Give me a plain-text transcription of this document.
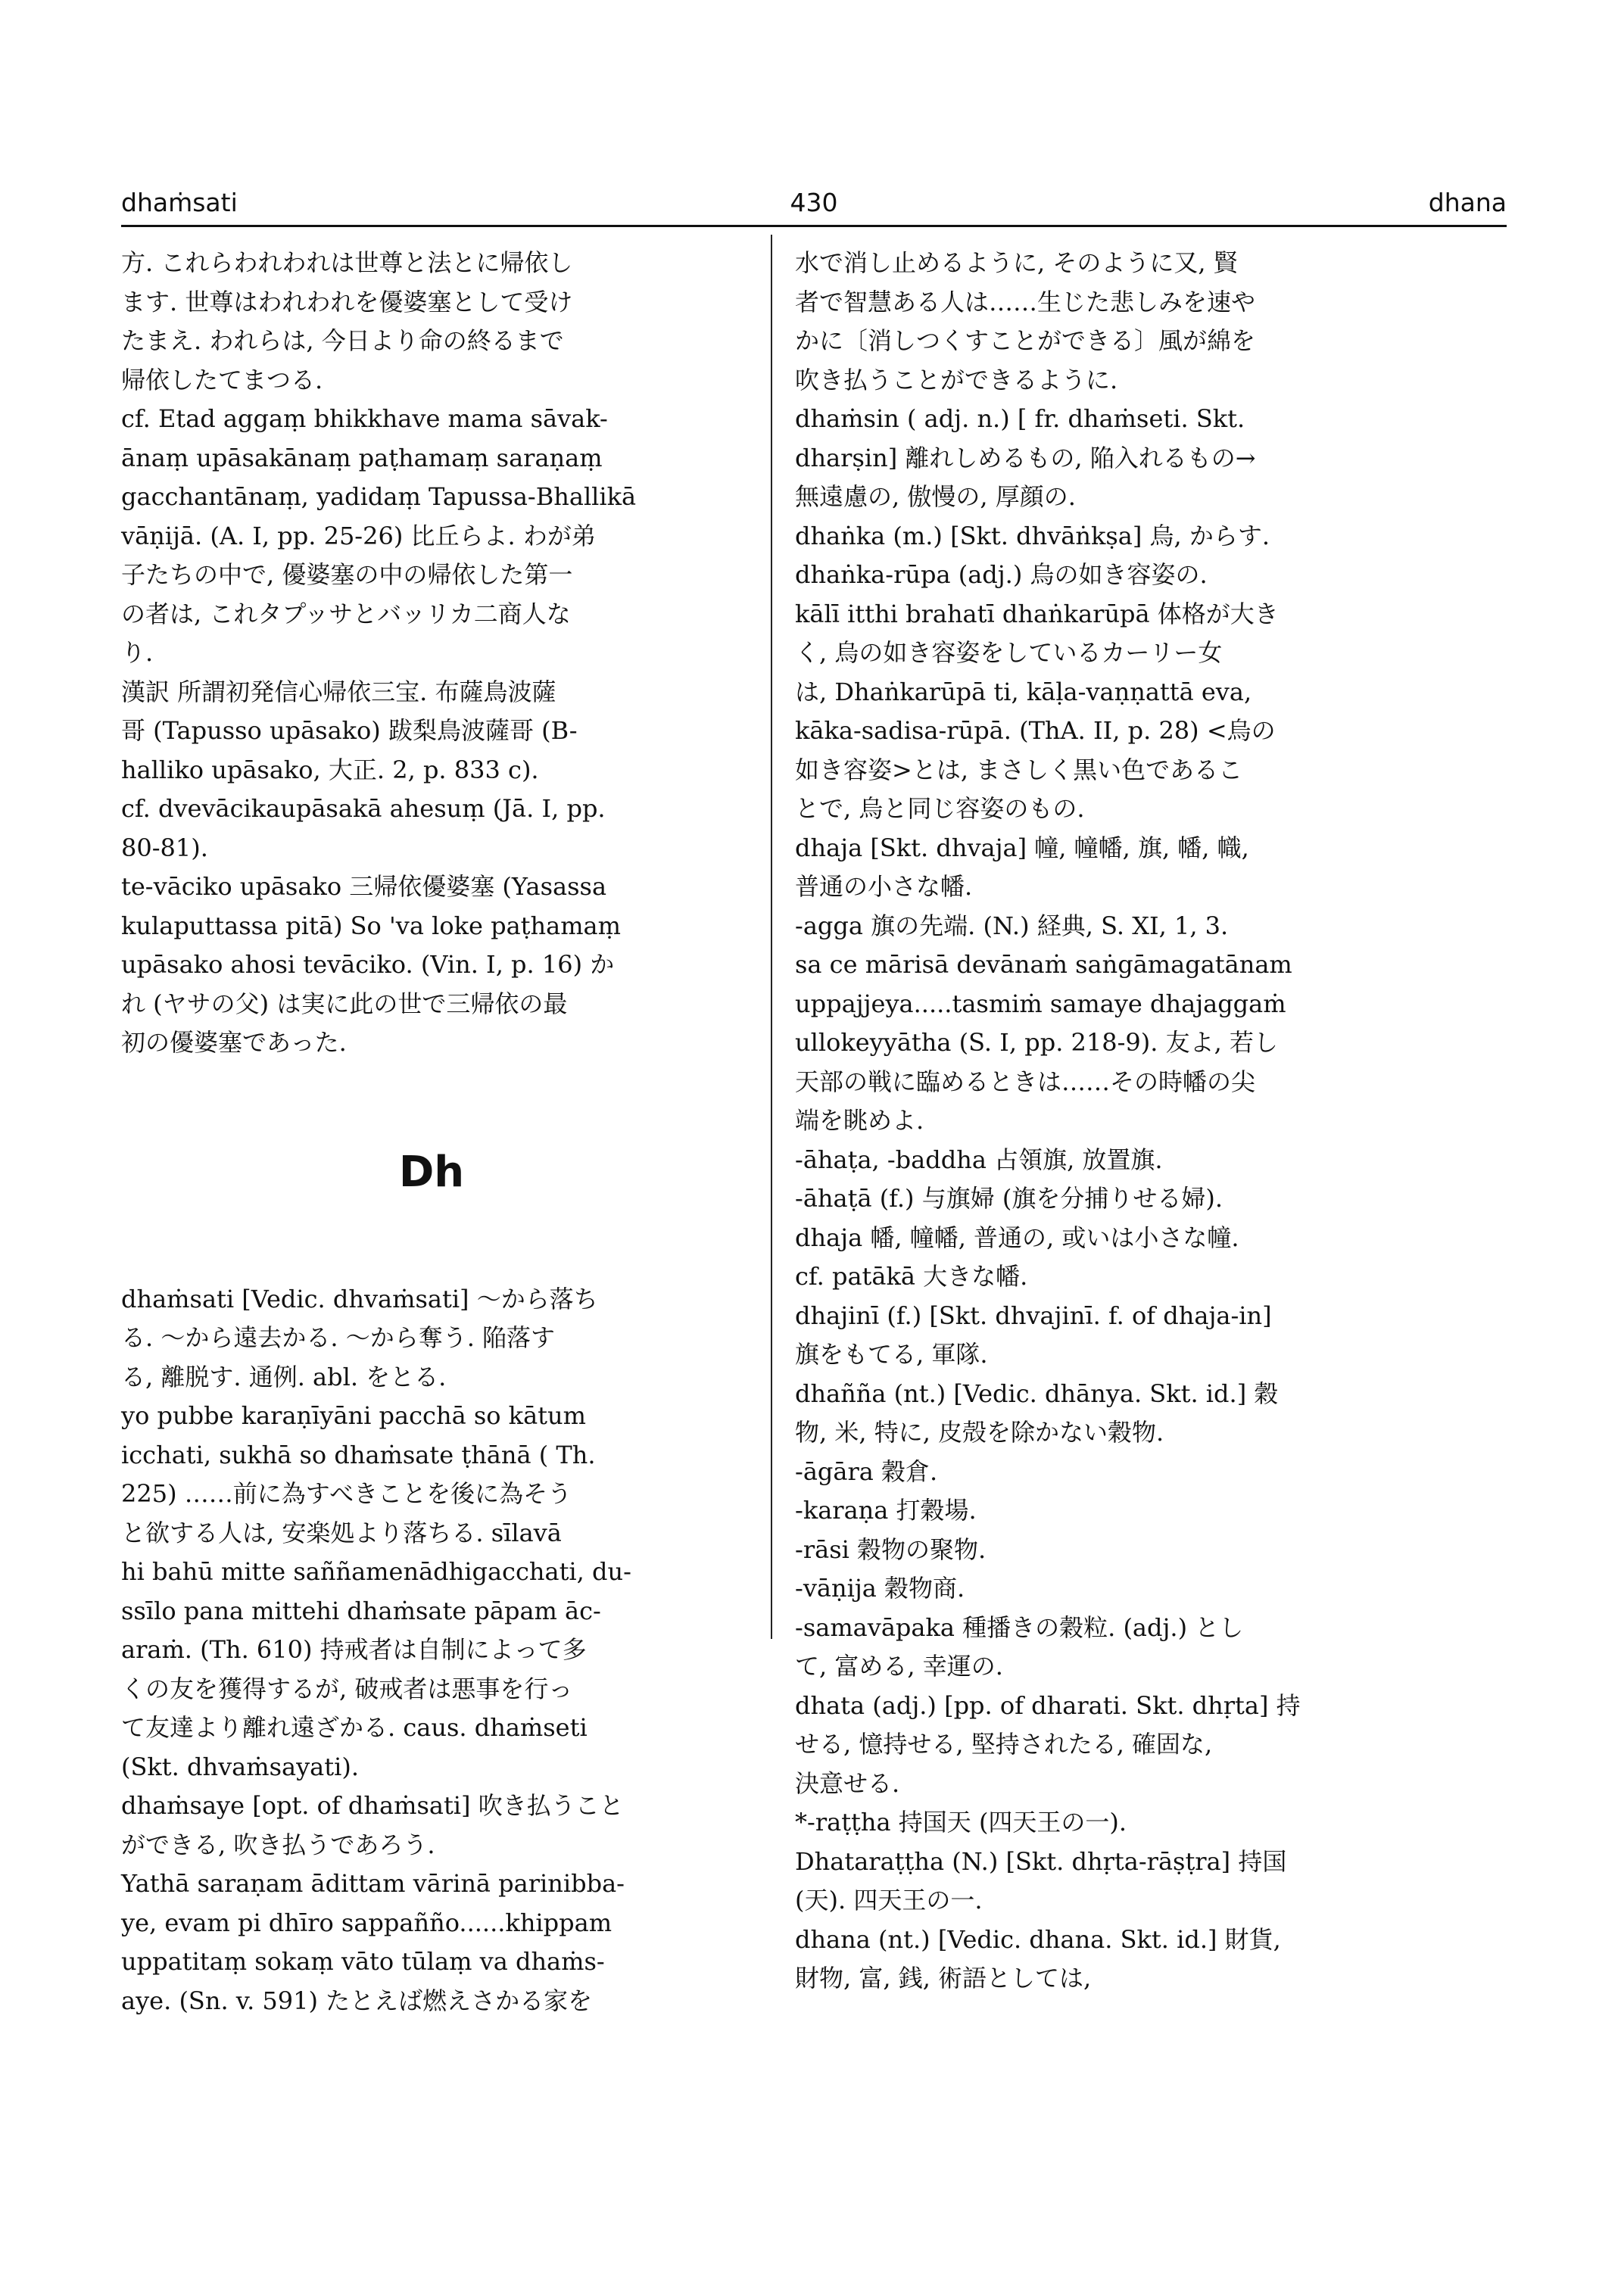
dhaṁsati	430	dhana
方. これらわれわれは世尊と法とに帰依し
ます. 世尊はわれわれを優婆塞として受け
たまえ. われらは, 今日より命の終るまで
帰依したてまつる.
cf. Etad aggaṃ bhikkhave mama sāvak-
ānaṃ upāsakānaṃ paṭhamaṃ saraṇaṃ
gacchantānaṃ, yadidaṃ Tapussa-Bhallikā
vāṇijā. (A. I, pp. 25-26) 比丘らよ. わが弟
子たちの中で, 優婆塞の中の帰依した第一
の者は, これタプッサとバッリカ二商人な
り.
漢訳 所謂初発信心帰依三宝. 布薩鳥波薩
哥 (Tapusso upāsako) 跋梨鳥波薩哥 (B-
halliko upāsako, 大正. 2, p. 833 c).
cf. dvevācikaupāsakā ahesuṃ (Jā. I, pp.
80-81).
te-vāciko upāsako 三帰依優婆塞 (Yasassa
kulaputtassa pitā) So 'va loke paṭhamaṃ
upāsako ahosi tevāciko. (Vin. I, p. 16) か
れ (ヤサの父) は実に此の世で三帰依の最
初の優婆塞であった.
Dh
dhaṁsati [Vedic. dhvaṁsati] 〜から落ち
る. 〜から遠去かる. 〜から奪う. 陥落す
る, 離脱す. 通例. abl. をとる.
yo pubbe karaṇīyāni pacchā so kātum
icchati, sukhā so dhaṁsate ṭhānā ( Th.
225) ……前に為すべきことを後に為そう
と欲する人は, 安楽処より落ちる. sīlavā
hi bahū mitte saññamenādhigacchati, du-
ssīlo pana mittehi dhaṁsate pāpam āc-
araṁ. (Th. 610) 持戒者は自制によって多
くの友を獲得するが, 破戒者は悪事を行っ
て友達より離れ遠ざかる. caus. dhaṁseti
(Skt. dhvaṁsayati).
dhaṁsaye [opt. of dhaṁsati] 吹き払うこと
ができる, 吹き払うであろう.
Yathā saraṇam ādittam vārinā parinibba-
ye, evam pi dhīro sappañño......khippam
uppatitaṃ sokaṃ vāto tūlaṃ va dhaṁs-
aye. (Sn. v. 591) たとえば燃えさかる家を
水で消し止めるように, そのように又, 賢
者で智慧ある人は……生じた悲しみを速や
かに〔消しつくすことができる〕風が綿を
吹き払うことができるように.
dhaṁsin ( adj. n.) [ fr. dhaṁseti. Skt.
dharṣin] 離れしめるもの, 陥入れるもの→
無遠慮の, 傲慢の, 厚顔の.
dhaṅka (m.) [Skt. dhvāṅkṣa] 烏, からす.
dhaṅka-rūpa (adj.) 烏の如き容姿の.
kālī itthi brahatī dhaṅkarūpā 体格が大き
く, 烏の如き容姿をしているカーリー女
は, Dhaṅkarūpā ti, kāḷa-vaṇṇattā eva,
kāka-sadisa-rūpā. (ThA. II, p. 28) <烏の
如き容姿>とは, まさしく黒い色であるこ
とで, 烏と同じ容姿のもの.
dhaja [Skt. dhvaja] 幢, 幢幡, 旗, 幡, 幟,
普通の小さな幡.
-agga 旗の先端. (N.) 経典, S. XI, 1, 3.
sa ce mārisā devānaṁ saṅgāmagatānam
uppajjeya.....tasmiṁ samaye dhajaggaṁ
ullokeyyātha (S. I, pp. 218-9). 友よ, 若し
天部の戦に臨めるときは……その時幡の尖
端を眺めよ.
-āhaṭa, -baddha 占領旗, 放置旗.
-āhaṭā (f.) 与旗婦 (旗を分捕りせる婦).
dhaja 幡, 幢幡, 普通の, 或いは小さな幢.
cf. patākā 大きな幡.
dhajinī (f.) [Skt. dhvajinī. f. of dhaja-in]
旗をもてる, 軍隊.
dhañña (nt.) [Vedic. dhānya. Skt. id.] 穀
物, 米, 特に, 皮殻を除かない穀物.
-āgāra 穀倉.
-karaṇa 打穀場.
-rāsi 穀物の聚物.
-vāṇija 穀物商.
-samavāpaka 種播きの穀粒. (adj.) とし
て, 富める, 幸運の.
dhata (adj.) [pp. of dharati. Skt. dhṛta] 持
せる, 憶持せる, 堅持されたる, 確固な,
決意せる.
*-raṭṭha 持国天 (四天王の一).
Dhataraṭṭha (N.) [Skt. dhṛta-rāṣṭra] 持国
(天). 四天王の一.
dhana (nt.) [Vedic. dhana. Skt. id.] 財貨,
財物, 富, 銭, 術語としては,
